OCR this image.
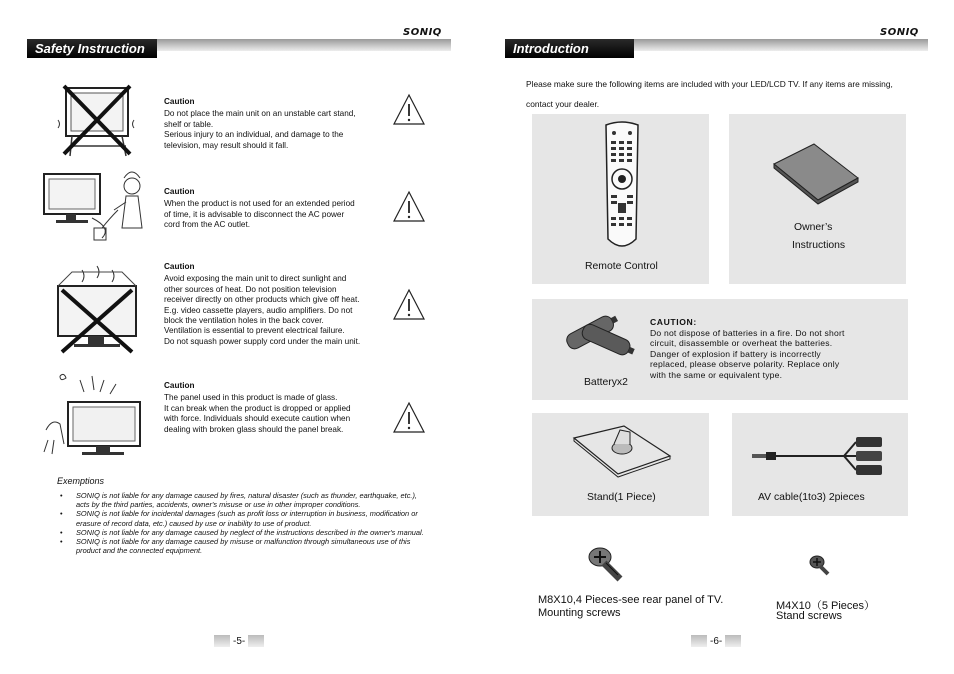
SONIQ
Safety Instruction
Caution

Do not place the main unit on an unstable cart stand,
shelf or table.
Serious injury to an individual, and damage to the
television, may result should it fall.

Caution

When the product is not used for an extended period
of time, it is advisable to disconnect the AC power
cord from the AC outlet.

Caution

Avoid exposing the main unit to direct sunlight and
other sources of heat. Do not position television
receiver directly on other products which give off heat.
E.g. video cassette players, audio amplifiers. Do not
block the ventilation holes in the back cover.
Ventilation is essential to prevent electrical failure.
Do not squash power supply cord under the main unit.

Caution

The panel used in this product is made of glass.
It can break when the product is dropped or applied
with force. Individuals should execute caution when
dealing with broken glass should the panel break.

Exemptions
• SONIQ is not liable for any damage caused by fires, natural disaster (such as thunder, earthquake, etc.), acts by the third parties, accidents, owner's misuse or use in other improper conditions.
• SONIQ is not liable for incidental damages (such as profit loss or interruption in business, modification or erasure of record data, etc.) caused by use or inability to use of product.
• SONIQ is not liable for any damage caused by neglect of the instructions described in the owner's manual.
• SONIQ is not liable for any damage caused by misuse or malfunction through simultaneous use of this product and the connected equipment.
-5-
SONIQ
Introduction

Please make sure the following items are included with your LED/LCD TV. If any items are missing, contact your dealer.

Remote Control
Owner’s
Instructions
Batteryx2
CAUTION:

Do not dispose of batteries in a fire. Do not short
circuit, disassemble or overheat the batteries.
Danger of explosion if battery is incorrectly
replaced, please observe polarity. Replace only
with the same or equivalent type.

Stand(1 Piece)	AV cable(1to3) 2pieces
M8X10,4 Pieces-see rear panel of TV.
Mounting screws
M4X10（5 Pieces）
Stand screws
-6-
